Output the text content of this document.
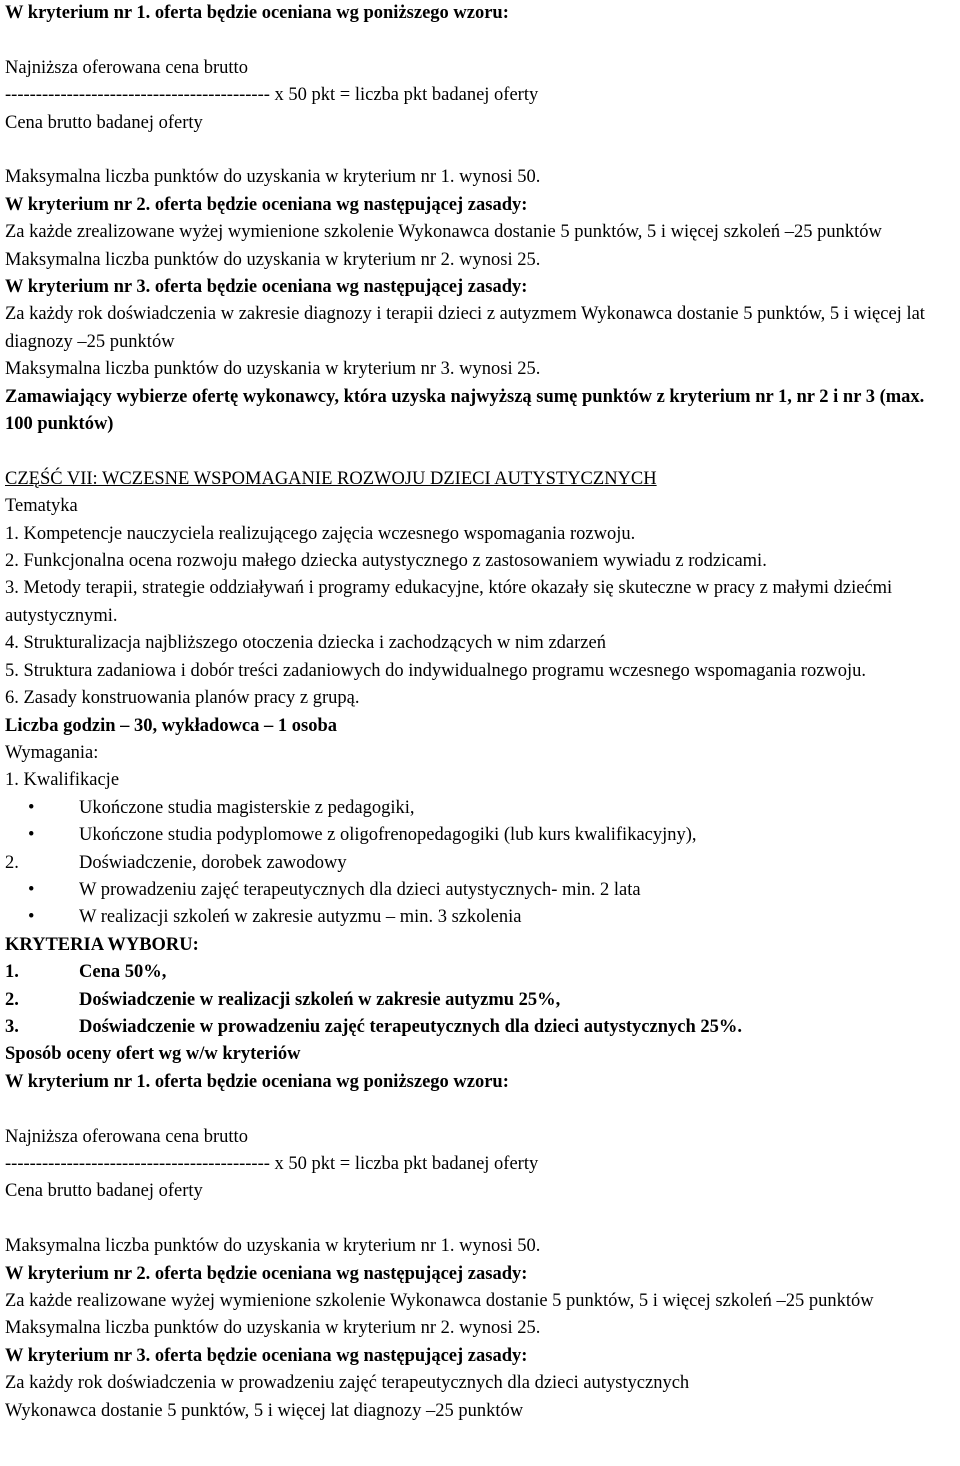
W kryterium nr 1. oferta będzie oceniana wg poniższego wzoru:
Najniższa oferowana cena brutto
------------------------------------------- x 50 pkt = liczba pkt badanej oferty
Cena brutto badanej oferty
Maksymalna liczba punktów do uzyskania w kryterium nr 1. wynosi 50.
W kryterium nr 2. oferta będzie oceniana wg następującej zasady:
Za każde zrealizowane wyżej wymienione szkolenie Wykonawca dostanie 5 punktów, 5 i więcej szkoleń –25 punktów
Maksymalna liczba punktów do uzyskania w kryterium nr 2. wynosi 25.
W kryterium nr 3. oferta będzie oceniana wg następującej zasady:
Za każdy rok doświadczenia w zakresie diagnozy i terapii dzieci z autyzmem Wykonawca dostanie 5 punktów, 5 i więcej lat diagnozy –25 punktów
Maksymalna liczba punktów do uzyskania w kryterium nr 3. wynosi 25.
Zamawiający wybierze ofertę wykonawcy, która uzyska najwyższą sumę punktów z kryterium nr 1, nr 2 i nr 3 (max. 100 punktów)
CZĘŚĆ VII: WCZESNE WSPOMAGANIE ROZWOJU DZIECI AUTYSTYCZNYCH
Tematyka
1. Kompetencje nauczyciela realizującego zajęcia wczesnego wspomagania rozwoju.
2. Funkcjonalna ocena rozwoju małego dziecka autystycznego z zastosowaniem wywiadu z rodzicami.
3. Metody terapii, strategie oddziaływań i programy edukacyjne, które okazały się skuteczne w pracy z małymi dziećmi autystycznymi.
4. Strukturalizacja najbliższego otoczenia dziecka i zachodzących w nim zdarzeń
5. Struktura zadaniowa i dobór treści zadaniowych do indywidualnego programu wczesnego wspomagania rozwoju.
6. Zasady konstruowania planów pracy z grupą.
Liczba godzin – 30, wykładowca – 1 osoba
Wymagania:
1. Kwalifikacje
• Ukończone studia magisterskie z pedagogiki,
• Ukończone studia podyplomowe z oligofrenopedagogiki (lub kurs kwalifikacyjny),
2.	Doświadczenie, dorobek zawodowy
• W prowadzeniu zajęć terapeutycznych dla dzieci autystycznych- min. 2 lata
• W realizacji szkoleń w zakresie autyzmu – min. 3 szkolenia
KRYTERIA WYBORU:
1.	Cena 50%,
2.	Doświadczenie w realizacji szkoleń w zakresie autyzmu 25%,
3.	Doświadczenie w prowadzeniu zajęć terapeutycznych dla dzieci autystycznych 25%.
Sposób oceny ofert wg w/w kryteriów
W kryterium nr 1. oferta będzie oceniana wg poniższego wzoru:
Najniższa oferowana cena brutto
------------------------------------------- x 50 pkt = liczba pkt badanej oferty
Cena brutto badanej oferty
Maksymalna liczba punktów do uzyskania w kryterium nr 1. wynosi 50.
W kryterium nr 2. oferta będzie oceniana wg następującej zasady:
Za każde realizowane wyżej wymienione szkolenie Wykonawca dostanie 5 punktów, 5 i więcej szkoleń –25 punktów
Maksymalna liczba punktów do uzyskania w kryterium nr 2. wynosi 25.
W kryterium nr 3. oferta będzie oceniana wg następującej zasady:
Za każdy rok doświadczenia w prowadzeniu zajęć terapeutycznych dla dzieci autystycznych
Wykonawca dostanie 5 punktów, 5 i więcej lat diagnozy –25 punktów
